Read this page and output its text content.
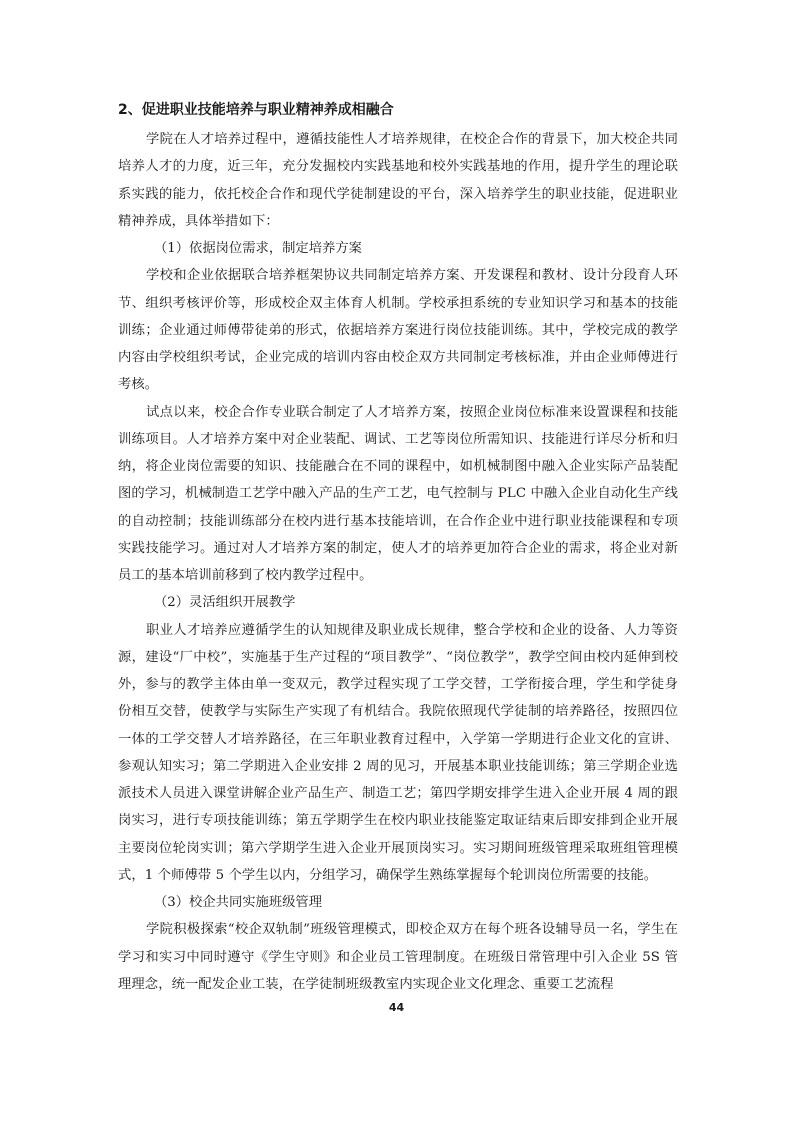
2、促进职业技能培养与职业精神养成相融合

学院在人才培养过程中，遵循技能性人才培养规律，在校企合作的背景下，加大校企共同培养人才的力度，近三年，充分发掘校内实践基地和校外实践基地的作用，提升学生的理论联系实践的能力，依托校企合作和现代学徒制建设的平台，深入培养学生的职业技能，促进职业精神养成，具体举措如下：

（1）依据岗位需求，制定培养方案

学校和企业依据联合培养框架协议共同制定培养方案、开发课程和教材、设计分段育人环节、组织考核评价等，形成校企双主体育人机制。学校承担系统的专业知识学习和基本的技能训练；企业通过师傅带徒弟的形式，依据培养方案进行岗位技能训练。其中，学校完成的教学内容由学校组织考试，企业完成的培训内容由校企双方共同制定考核标准，并由企业师傅进行考核。

试点以来，校企合作专业联合制定了人才培养方案，按照企业岗位标准来设置课程和技能训练项目。人才培养方案中对企业装配、调试、工艺等岗位所需知识、技能进行详尽分析和归纳，将企业岗位需要的知识、技能融合在不同的课程中，如机械制图中融入企业实际产品装配图的学习，机械制造工艺学中融入产品的生产工艺，电气控制与 PLC 中融入企业自动化生产线的自动控制；技能训练部分在校内进行基本技能培训，在合作企业中进行职业技能课程和专项实践技能学习。通过对人才培养方案的制定，使人才的培养更加符合企业的需求，将企业对新员工的基本培训前移到了校内教学过程中。

（2）灵活组织开展教学

职业人才培养应遵循学生的认知规律及职业成长规律，整合学校和企业的设备、人力等资源，建设“厂中校”，实施基于生产过程的“项目教学”、“岗位教学”，教学空间由校内延伸到校外，参与的教学主体由单一变双元，教学过程实现了工学交替，工学衔接合理，学生和学徒身份相互交替，使教学与实际生产实现了有机结合。我院依照现代学徒制的培养路径，按照四位一体的工学交替人才培养路径，在三年职业教育过程中，入学第一学期进行企业文化的宣讲、参观认知实习；第二学期进入企业安排 2 周的见习，开展基本职业技能训练；第三学期企业选派技术人员进入课堂讲解企业产品生产、制造工艺；第四学期安排学生进入企业开展 4 周的跟岗实习，进行专项技能训练；第五学期学生在校内职业技能鉴定取证结束后即安排到企业开展主要岗位轮岗实训；第六学期学生进入企业开展顶岗实习。实习期间班级管理采取班组管理模式，1 个师傅带 5 个学生以内，分组学习，确保学生熟练掌握每个轮训岗位所需要的技能。

（3）校企共同实施班级管理

学院积极探索“校企双轨制”班级管理模式，即校企双方在每个班各设辅导员一名，学生在学习和实习中同时遵守《学生守则》和企业员工管理制度。在班级日常管理中引入企业 5S 管理理念，统一配发企业工装，在学徒制班级教室内实现企业文化理念、重要工艺流程

44
